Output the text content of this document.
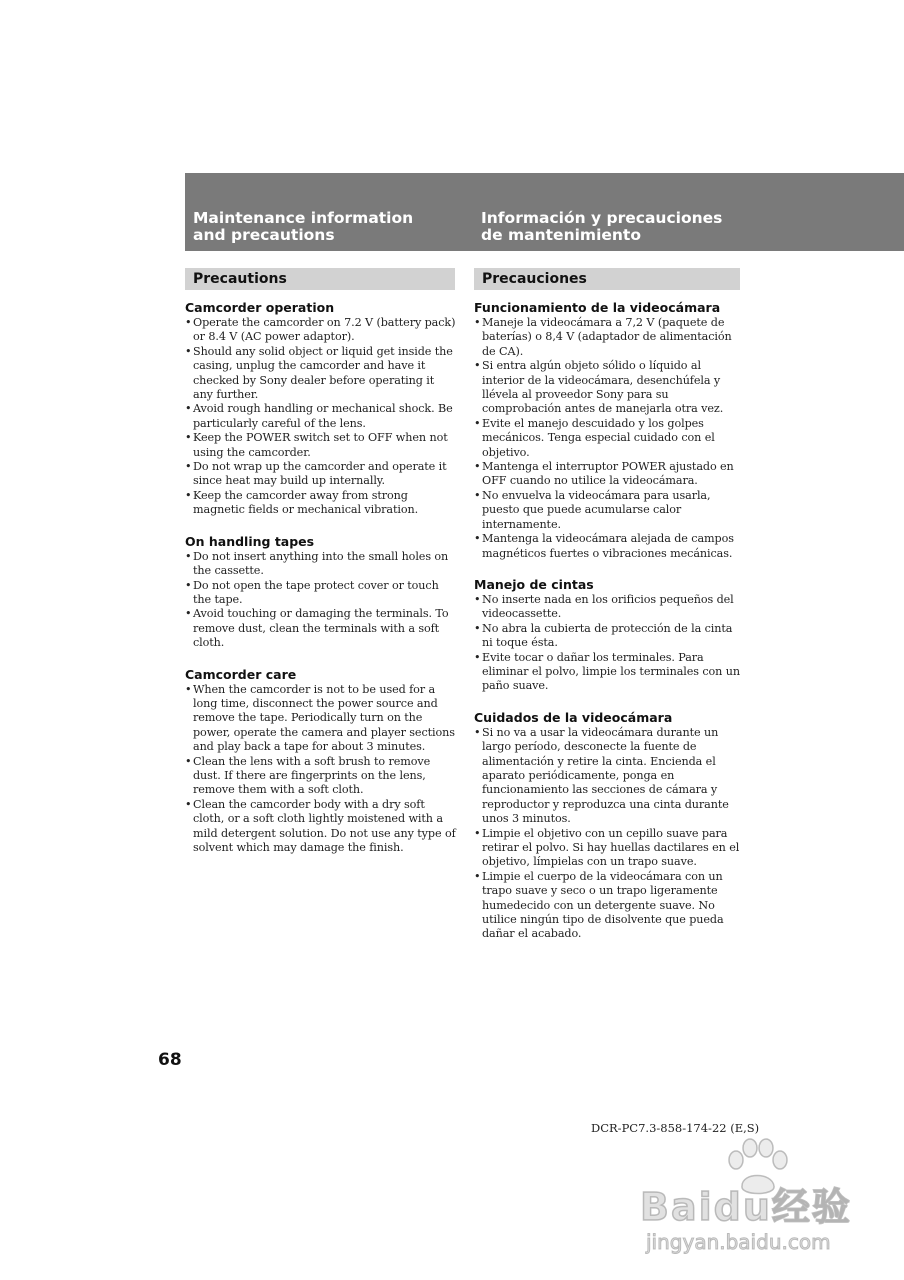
Maintenance information
and precautions
Información y precauciones
de mantenimiento
Precautions
Camcorder operation
• Operate the camcorder on 7.2 V (battery pack) or 8.4 V (AC power adaptor).
• Should any solid object or liquid get inside the casing, unplug the camcorder and have it checked by Sony dealer before operating it any further.
• Avoid rough handling or mechanical shock. Be particularly careful of the lens.
• Keep the POWER switch set to OFF when not using the camcorder.
• Do not wrap up the camcorder and operate it since heat may build up internally.
• Keep the camcorder away from strong magnetic fields or mechanical vibration.
On handling tapes
• Do not insert anything into the small holes on the cassette.
• Do not open the tape protect cover or touch the tape.
• Avoid touching or damaging the terminals. To remove dust, clean the terminals with a soft cloth.
Camcorder care
• When the camcorder is not to be used for a long time, disconnect the power source and remove the tape. Periodically turn on the power, operate the camera and player sections and play back a tape for about 3 minutes.
• Clean the lens with a soft brush to remove dust. If there are fingerprints on the lens, remove them with a soft cloth.
• Clean the camcorder body with a dry soft cloth, or a soft cloth lightly moistened with a mild detergent solution. Do not use any type of solvent which may damage the finish.
Precauciones
Funcionamiento de la videocámara
• Maneje la videocámara a 7,2 V (paquete de baterías) o 8,4 V (adaptador de alimentación de CA).
• Si entra algún objeto sólido o líquido al interior de la videocámara, desenchúfela y llévela al proveedor Sony para su comprobación antes de manejarla otra vez.
• Evite el manejo descuidado y los golpes mecánicos. Tenga especial cuidado con el objetivo.
• Mantenga el interruptor POWER ajustado en OFF cuando no utilice la videocámara.
• No envuelva la videocámara para usarla, puesto que puede acumularse calor internamente.
• Mantenga la videocámara alejada de campos magnéticos fuertes o vibraciones mecánicas.
Manejo de cintas
• No inserte nada en los orificios pequeños del videocassette.
• No abra la cubierta de protección de la cinta ni toque ésta.
• Evite tocar o dañar los terminales. Para eliminar el polvo, limpie los terminales con un paño suave.
Cuidados de la videocámara
• Si no va a usar la videocámara durante un largo período, desconecte la fuente de alimentación y retire la cinta. Encienda el aparato periódicamente, ponga en funcionamiento las secciones de cámara y reproductor y reproduzca una cinta durante unos 3 minutos.
• Limpie el objetivo con un cepillo suave para retirar el polvo. Si hay huellas dactilares en el objetivo, límpielas con un trapo suave.
• Limpie el cuerpo de la videocámara con un trapo suave y seco o un trapo ligeramente humedecido con un detergente suave. No utilice ningún tipo de disolvente que pueda dañar el acabado.

68

DCR-PC7.3-858-174-22 (E,S)

Baidu经验
jingyan.baidu.com
